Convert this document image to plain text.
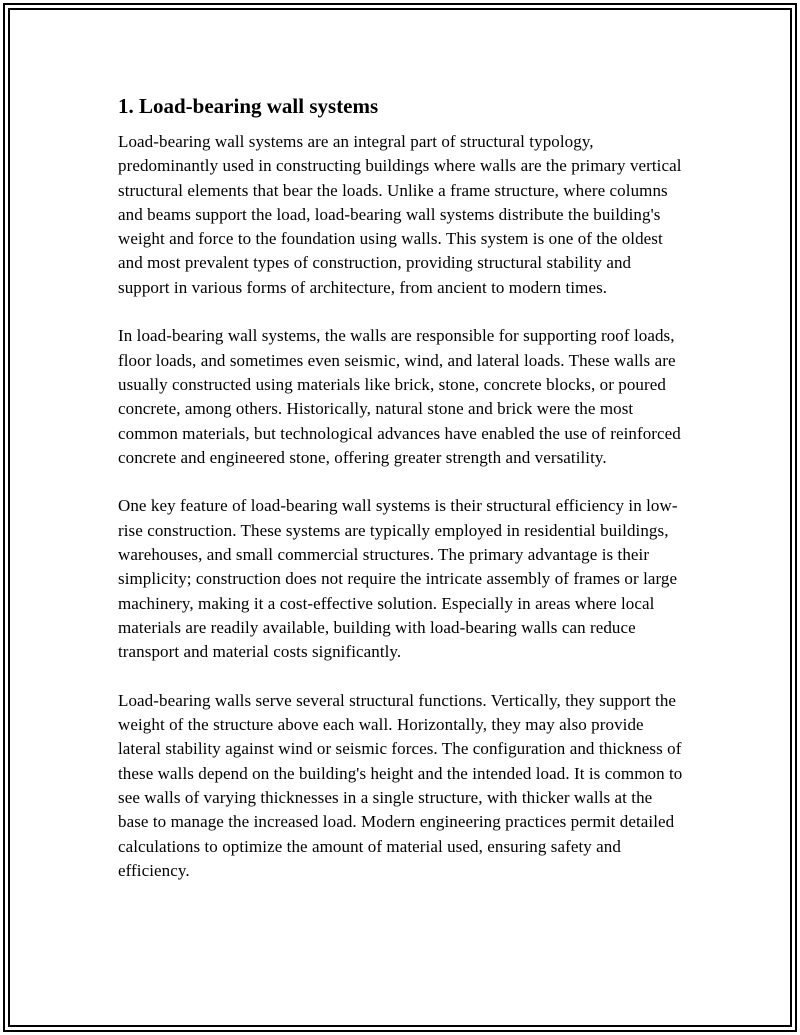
1. Load-bearing wall systems

Load-bearing wall systems are an integral part of structural typology, predominantly used in constructing buildings where walls are the primary vertical structural elements that bear the loads. Unlike a frame structure, where columns and beams support the load, load-bearing wall systems distribute the building's weight and force to the foundation using walls. This system is one of the oldest and most prevalent types of construction, providing structural stability and support in various forms of architecture, from ancient to modern times.

In load-bearing wall systems, the walls are responsible for supporting roof loads, floor loads, and sometimes even seismic, wind, and lateral loads. These walls are usually constructed using materials like brick, stone, concrete blocks, or poured concrete, among others. Historically, natural stone and brick were the most common materials, but technological advances have enabled the use of reinforced concrete and engineered stone, offering greater strength and versatility.

One key feature of load-bearing wall systems is their structural efficiency in low-rise construction. These systems are typically employed in residential buildings, warehouses, and small commercial structures. The primary advantage is their simplicity; construction does not require the intricate assembly of frames or large machinery, making it a cost-effective solution. Especially in areas where local materials are readily available, building with load-bearing walls can reduce transport and material costs significantly.

Load-bearing walls serve several structural functions. Vertically, they support the weight of the structure above each wall. Horizontally, they may also provide lateral stability against wind or seismic forces. The configuration and thickness of these walls depend on the building's height and the intended load. It is common to see walls of varying thicknesses in a single structure, with thicker walls at the base to manage the increased load. Modern engineering practices permit detailed calculations to optimize the amount of material used, ensuring safety and efficiency.
